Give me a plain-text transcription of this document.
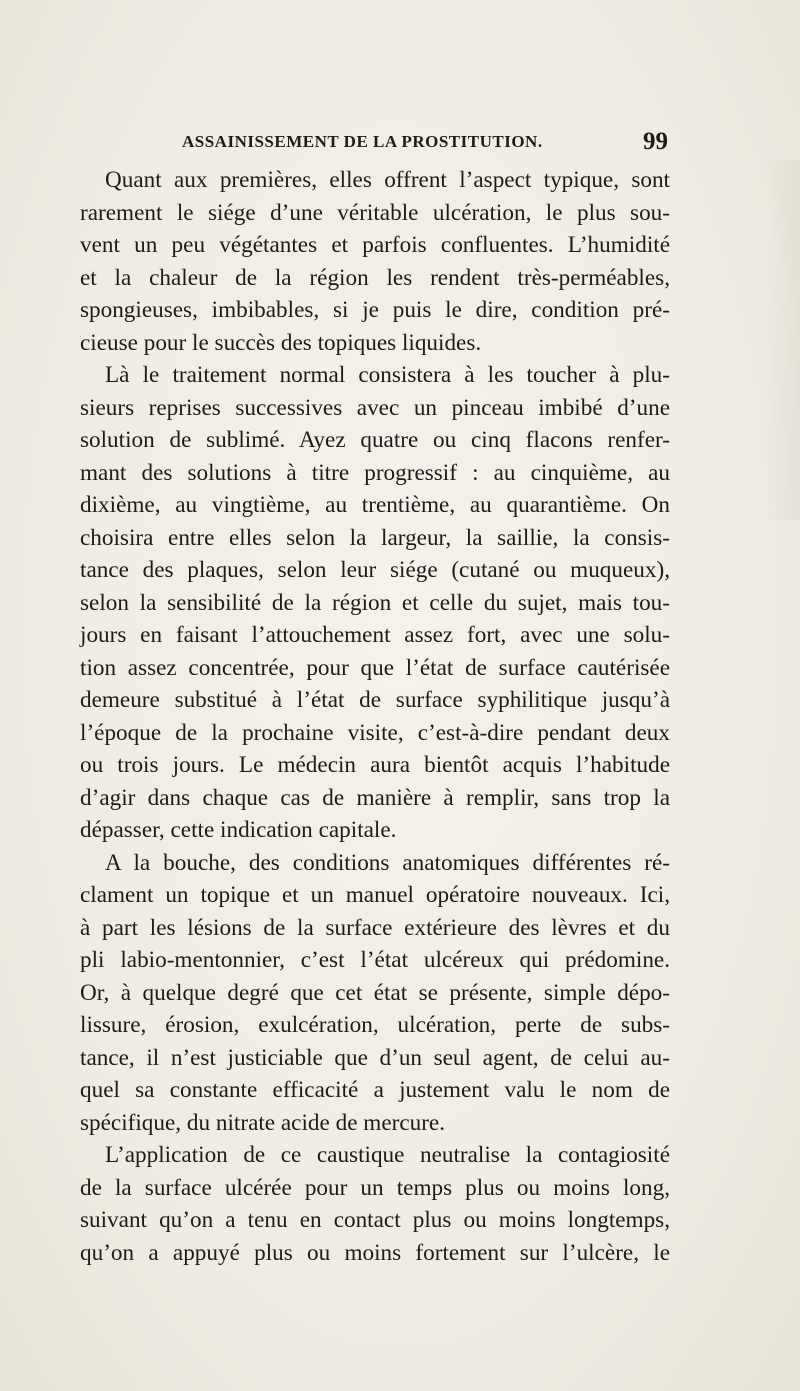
ASSAINISSEMENT DE LA PROSTITUTION.	99
Quant aux premières, elles offrent l’aspect typique, sont
rarement le siége d’une véritable ulcération, le plus sou-
vent un peu végétantes et parfois confluentes. L’humidité
et la chaleur de la région les rendent très-perméables,
spongieuses, imbibables, si je puis le dire, condition pré-
cieuse pour le succès des topiques liquides.
Là le traitement normal consistera à les toucher à plu-
sieurs reprises successives avec un pinceau imbibé d’une
solution de sublimé. Ayez quatre ou cinq flacons renfer-
mant des solutions à titre progressif : au cinquième, au
dixième, au vingtième, au trentième, au quarantième. On
choisira entre elles selon la largeur, la saillie, la consis-
tance des plaques, selon leur siége (cutané ou muqueux),
selon la sensibilité de la région et celle du sujet, mais tou-
jours en faisant l’attouchement assez fort, avec une solu-
tion assez concentrée, pour que l’état de surface cautérisée
demeure substitué à l’état de surface syphilitique jusqu’à
l’époque de la prochaine visite, c’est-à-dire pendant deux
ou trois jours. Le médecin aura bientôt acquis l’habitude
d’agir dans chaque cas de manière à remplir, sans trop la
dépasser, cette indication capitale.
A la bouche, des conditions anatomiques différentes ré-
clament un topique et un manuel opératoire nouveaux. Ici,
à part les lésions de la surface extérieure des lèvres et du
pli labio-mentonnier, c’est l’état ulcéreux qui prédomine.
Or, à quelque degré que cet état se présente, simple dépo-
lissure, érosion, exulcération, ulcération, perte de subs-
tance, il n’est justiciable que d’un seul agent, de celui au-
quel sa constante efficacité a justement valu le nom de
spécifique, du nitrate acide de mercure.
L’application de ce caustique neutralise la contagiosité
de la surface ulcérée pour un temps plus ou moins long,
suivant qu’on a tenu en contact plus ou moins longtemps,
qu’on a appuyé plus ou moins fortement sur l’ulcère, le
